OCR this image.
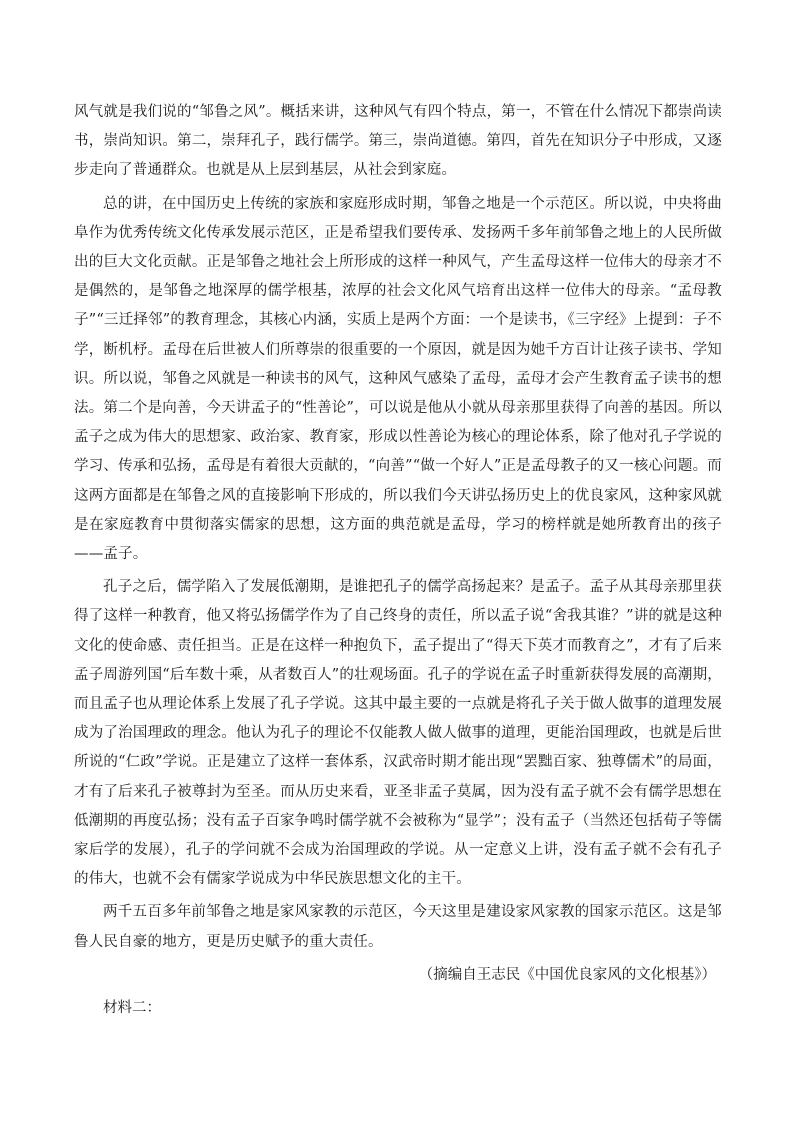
风气就是我们说的“邹鲁之风”。概括来讲，这种风气有四个特点，第一，不管在什么情况下都崇尚读书，崇尚知识。第二，崇拜孔子，践行儒学。第三，崇尚道德。第四，首先在知识分子中形成，又逐步走向了普通群众。也就是从上层到基层，从社会到家庭。

总的讲，在中国历史上传统的家族和家庭形成时期，邹鲁之地是一个示范区。所以说，中央将曲阜作为优秀传统文化传承发展示范区，正是希望我们要传承、发扬两千多年前邹鲁之地上的人民所做出的巨大文化贡献。正是邹鲁之地社会上所形成的这样一种风气，产生孟母这样一位伟大的母亲才不是偶然的，是邹鲁之地深厚的儒学根基，浓厚的社会文化风气培育出这样一位伟大的母亲。“孟母教子”“三迁择邻”的教育理念，其核心内涵，实质上是两个方面：一个是读书，《三字经》上提到：子不学，断机杼。孟母在后世被人们所尊崇的很重要的一个原因，就是因为她千方百计让孩子读书、学知识。所以说，邹鲁之风就是一种读书的风气，这种风气感染了孟母，孟母才会产生教育孟子读书的想法。第二个是向善，今天讲孟子的“性善论”，可以说是他从小就从母亲那里获得了向善的基因。所以孟子之成为伟大的思想家、政治家、教育家，形成以性善论为核心的理论体系，除了他对孔子学说的学习、传承和弘扬，孟母是有着很大贡献的，“向善”“做一个好人”正是孟母教子的又一核心问题。而这两方面都是在邹鲁之风的直接影响下形成的，所以我们今天讲弘扬历史上的优良家风，这种家风就是在家庭教育中贯彻落实儒家的思想，这方面的典范就是孟母，学习的榜样就是她所教育出的孩子——孟子。

孔子之后，儒学陷入了发展低潮期，是谁把孔子的儒学高扬起来？是孟子。孟子从其母亲那里获得了这样一种教育，他又将弘扬儒学作为了自己终身的责任，所以孟子说“舍我其谁？”讲的就是这种文化的使命感、责任担当。正是在这样一种抱负下，孟子提出了“得天下英才而教育之”，才有了后来孟子周游列国“后车数十乘，从者数百人”的壮观场面。孔子的学说在孟子时重新获得发展的高潮期，而且孟子也从理论体系上发展了孔子学说。这其中最主要的一点就是将孔子关于做人做事的道理发展成为了治国理政的理念。他认为孔子的理论不仅能教人做人做事的道理，更能治国理政，也就是后世所说的“仁政”学说。正是建立了这样一套体系，汉武帝时期才能出现“罢黜百家、独尊儒术”的局面，才有了后来孔子被尊封为至圣。而从历史来看，亚圣非孟子莫属，因为没有孟子就不会有儒学思想在低潮期的再度弘扬；没有孟子百家争鸣时儒学就不会被称为“显学”；没有孟子（当然还包括荀子等儒家后学的发展），孔子的学问就不会成为治国理政的学说。从一定意义上讲，没有孟子就不会有孔子的伟大，也就不会有儒家学说成为中华民族思想文化的主干。

两千五百多年前邹鲁之地是家风家教的示范区，今天这里是建设家风家教的国家示范区。这是邹鲁人民自豪的地方，更是历史赋予的重大责任。

（摘编自王志民《中国优良家风的文化根基》）

材料二：
